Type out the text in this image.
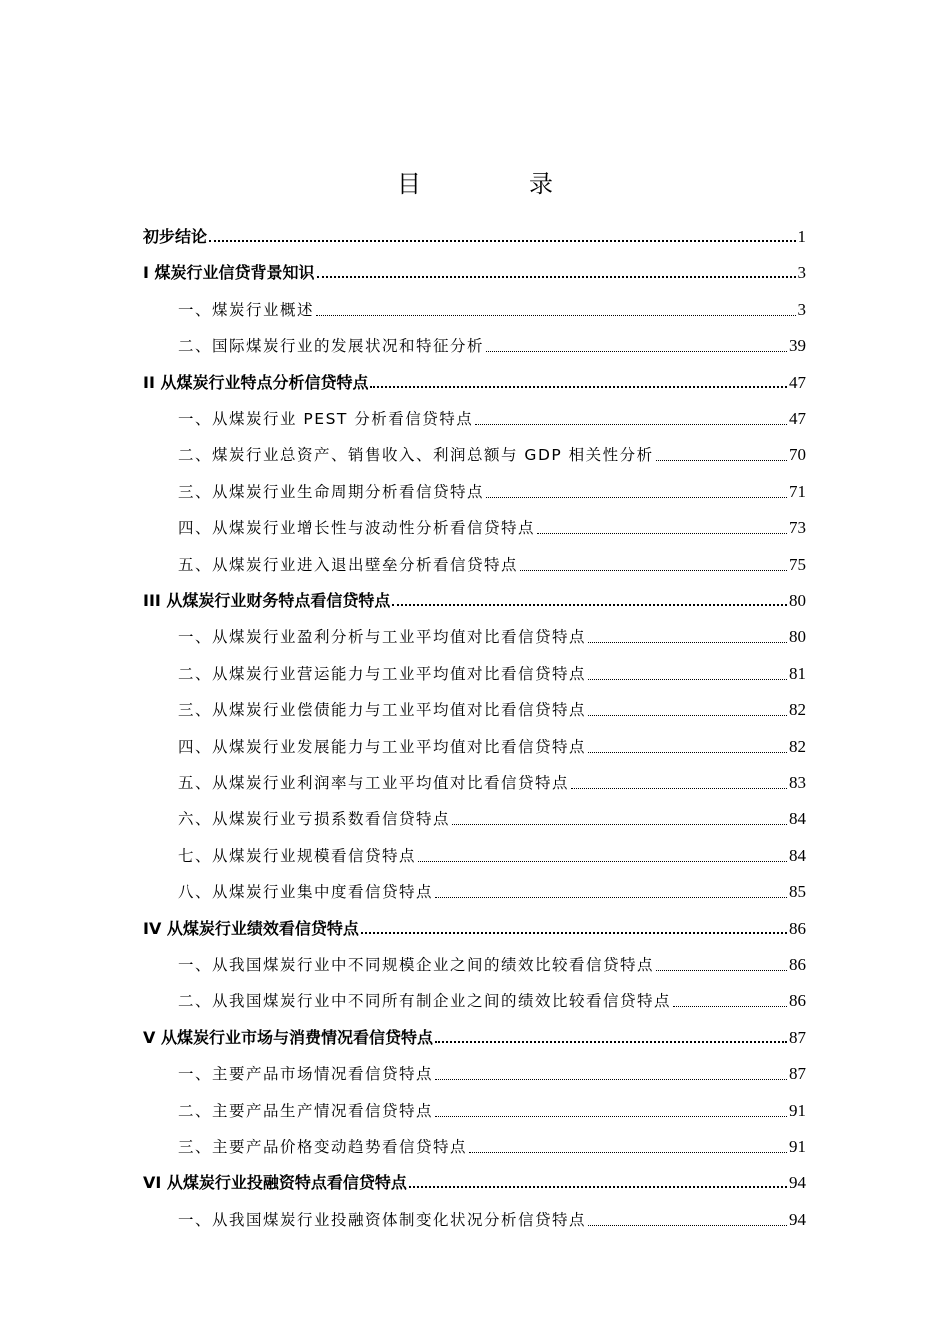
目　录
初步结论	1
I 煤炭行业信贷背景知识	3
一、煤炭行业概述	3
二、国际煤炭行业的发展状况和特征分析	39
II 从煤炭行业特点分析信贷特点	47
一、从煤炭行业 PEST 分析看信贷特点	47
二、煤炭行业总资产、销售收入、利润总额与 GDP 相关性分析	70
三、从煤炭行业生命周期分析看信贷特点	71
四、从煤炭行业增长性与波动性分析看信贷特点	73
五、从煤炭行业进入退出壁垒分析看信贷特点	75
III 从煤炭行业财务特点看信贷特点	80
一、从煤炭行业盈利分析与工业平均值对比看信贷特点	80
二、从煤炭行业营运能力与工业平均值对比看信贷特点	81
三、从煤炭行业偿债能力与工业平均值对比看信贷特点	82
四、从煤炭行业发展能力与工业平均值对比看信贷特点	82
五、从煤炭行业利润率与工业平均值对比看信贷特点	83
六、从煤炭行业亏损系数看信贷特点	84
七、从煤炭行业规模看信贷特点	84
八、从煤炭行业集中度看信贷特点	85
IV 从煤炭行业绩效看信贷特点	86
一、从我国煤炭行业中不同规模企业之间的绩效比较看信贷特点	86
二、从我国煤炭行业中不同所有制企业之间的绩效比较看信贷特点	86
V 从煤炭行业市场与消费情况看信贷特点	87
一、主要产品市场情况看信贷特点	87
二、主要产品生产情况看信贷特点	91
三、主要产品价格变动趋势看信贷特点	91
VI 从煤炭行业投融资特点看信贷特点	94
一、从我国煤炭行业投融资体制变化状况分析信贷特点	94
